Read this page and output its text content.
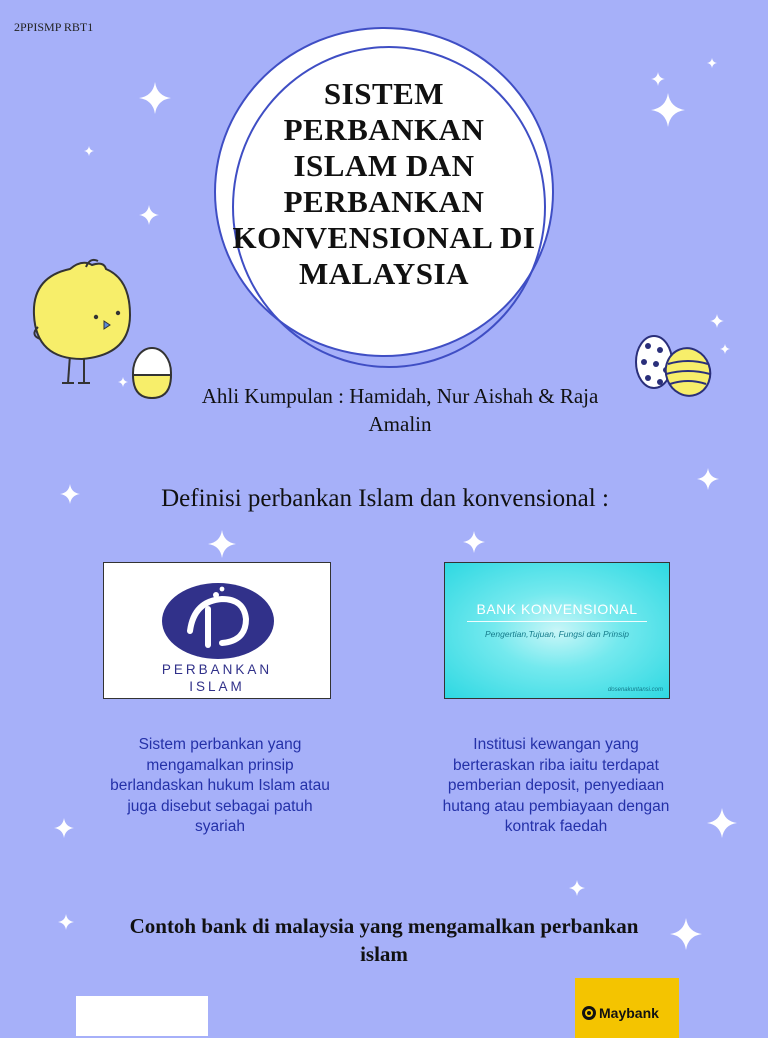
2PPISMP RBT1
SISTEM
PERBANKAN
ISLAM DAN
PERBANKAN
KONVENSIONAL DI
MALAYSIA
Ahli Kumpulan : Hamidah, Nur Aishah & Raja
Amalin
Definisi perbankan Islam dan konvensional :
PERBANKAN
ISLAM
BANK KONVENSIONAL
Pengertian,Tujuan, Fungsi dan Prinsip
dosenakuntansi.com
Sistem perbankan yang
mengamalkan prinsip
berlandaskan hukum Islam atau
juga disebut sebagai patuh
syariah
Institusi kewangan yang
berteraskan riba iaitu terdapat
pemberian deposit, penyediaan
hutang atau pembiayaan dengan
kontrak faedah
Contoh bank di malaysia yang mengamalkan perbankan
islam
Maybank
